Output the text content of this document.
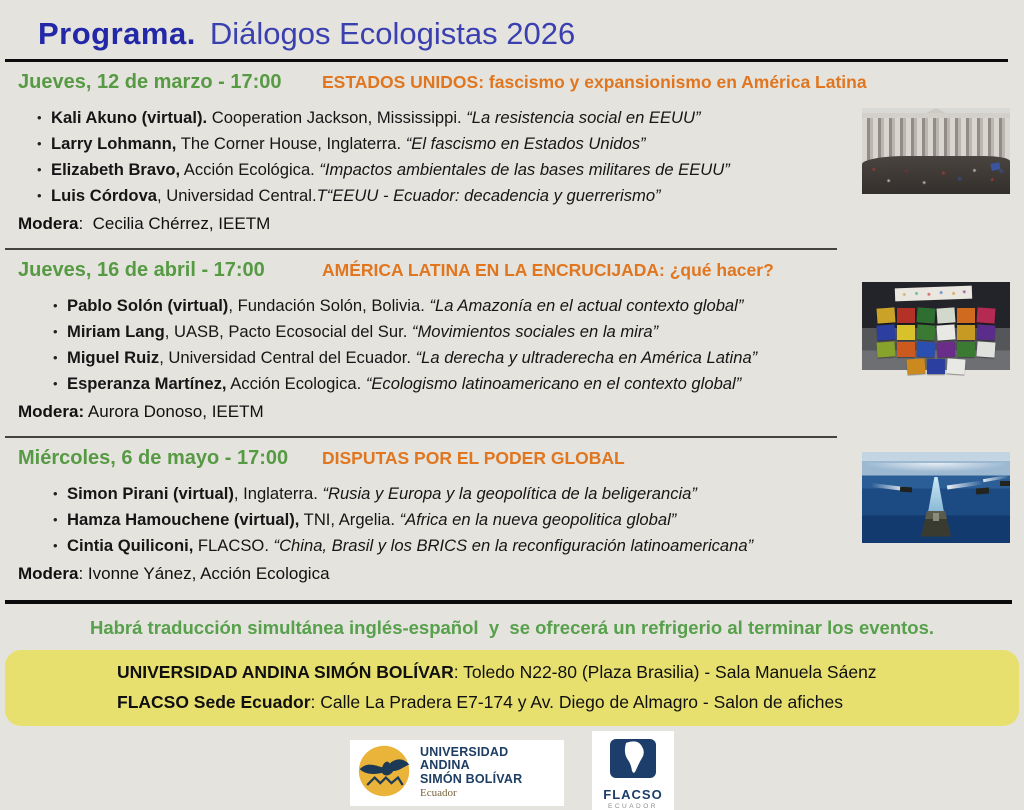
Programa. Diálogos Ecologistas 2026
Jueves, 12 de marzo - 17:00	ESTADOS UNIDOS: fascismo y expansionismo en América Latina
• Kali Akuno (virtual). Cooperation Jackson, Mississippi. “La resistencia social en EEUU”
• Larry Lohmann, The Corner House, Inglaterra. “El fascismo en Estados Unidos”
• Elizabeth Bravo, Acción Ecológica. “Impactos ambientales de las bases militares de EEUU”
• Luis Córdova, Universidad Central.T“EEUU - Ecuador: decadencia y guerrerismo”
Modera:  Cecilia Chérrez, IEETM
Jueves, 16 de abril - 17:00	AMÉRICA LATINA EN LA ENCRUCIJADA: ¿qué hacer?
• Pablo Solón (virtual), Fundación Solón, Bolivia. “La Amazonía en el actual contexto global”
• Miriam Lang, UASB, Pacto Ecosocial del Sur. “Movimientos sociales en la mira”
• Miguel Ruiz, Universidad Central del Ecuador. “La derecha y ultraderecha en América Latina”
• Esperanza Martínez, Acción Ecologica. “Ecologismo latinoamericano en el contexto global”
Modera: Aurora Donoso, IEETM
Miércoles, 6 de mayo - 17:00	DISPUTAS POR EL PODER GLOBAL
• Simon Pirani (virtual), Inglaterra. “Rusia y Europa y la geopolítica de la beligerancia”
• Hamza Hamouchene (virtual), TNI, Argelia. “Africa en la nueva geopolitica global”
• Cintia Quiliconi, FLACSO. “China, Brasil y los BRICS en la reconfiguración latinoamericana”
Modera: Ivonne Yánez, Acción Ecologica
Habrá traducción simultánea inglés-español  y  se ofrecerá un refrigerio al terminar los eventos.
UNIVERSIDAD ANDINA SIMÓN BOLÍVAR: Toledo N22-80 (Plaza Brasilia) - Sala Manuela Sáenz
FLACSO Sede Ecuador: Calle La Pradera E7-174 y Av. Diego de Almagro - Salon de afiches
UNIVERSIDAD ANDINA
SIMÓN BOLÍVAR
Ecuador	FLACSO
ECUADOR
